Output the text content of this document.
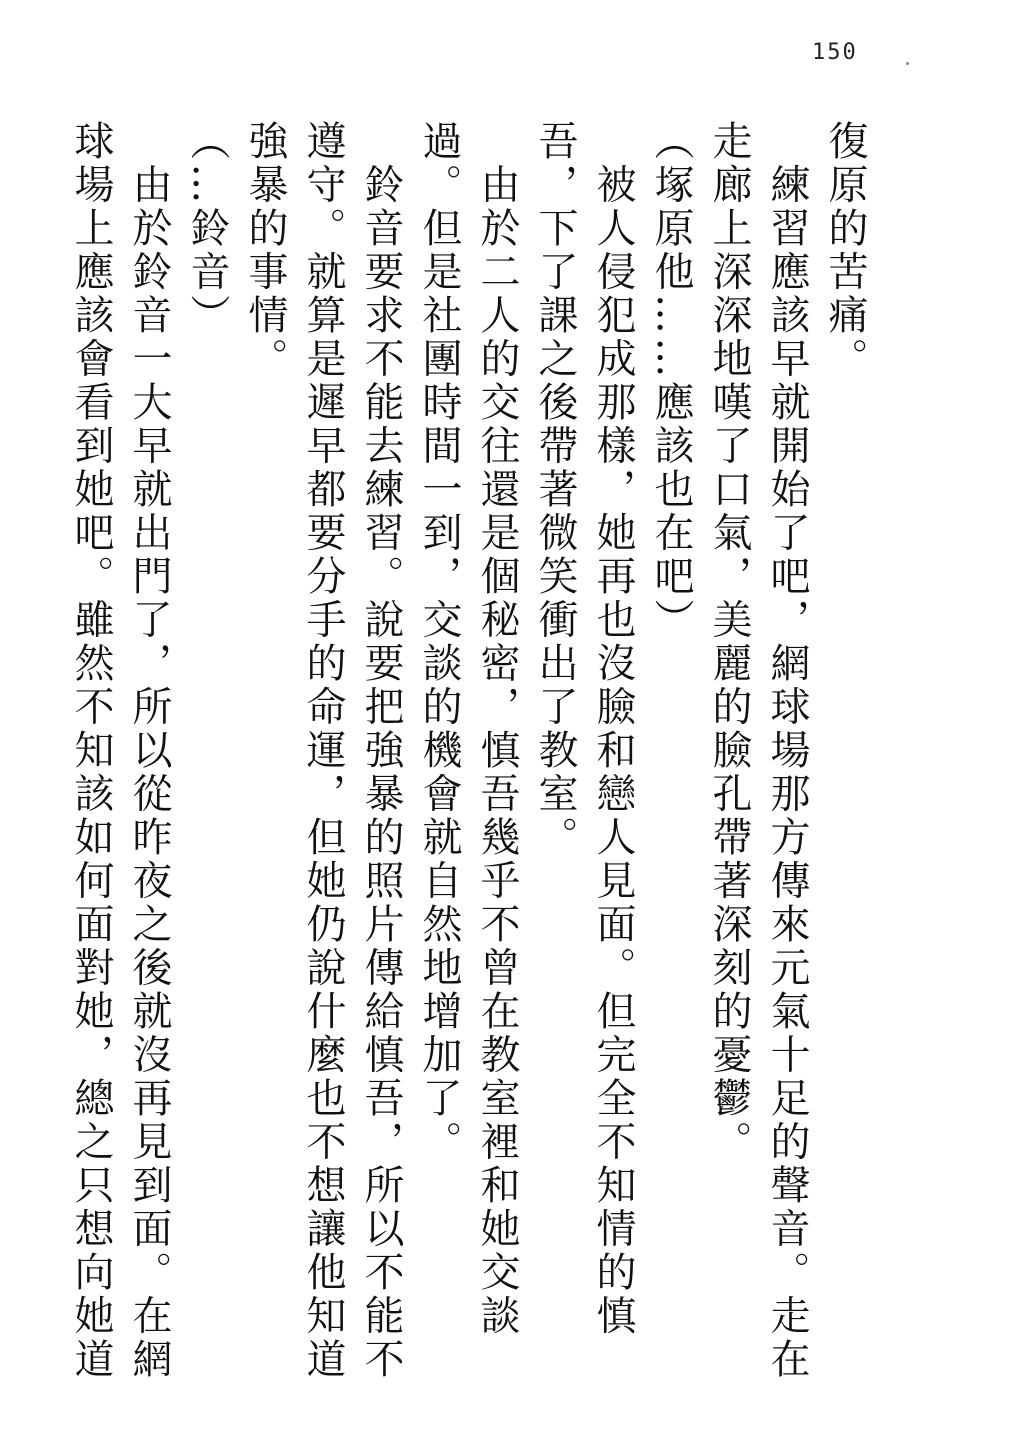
150
復原的苦痛。
　練習應該早就開始了吧，網球場那方傳來元氣十足的聲音。走在
走廊上深深地嘆了口氣，美麗的臉孔帶著深刻的憂鬱。
（塚原他……應該也在吧）
　被人侵犯成那樣，她再也沒臉和戀人見面。但完全不知情的慎
吾，下了課之後帶著微笑衝出了教室。
　由於二人的交往還是個秘密，慎吾幾乎不曾在教室裡和她交談
過。但是社團時間一到，交談的機會就自然地增加了。
　鈴音要求不能去練習。說要把強暴的照片傳給慎吾，所以不能不
遵守。就算是遲早都要分手的命運，但她仍說什麼也不想讓他知道
強暴的事情。
（…鈴音）
　由於鈴音一大早就出門了，所以從昨夜之後就沒再見到面。在網
球場上應該會看到她吧。雖然不知該如何面對她，總之只想向她道
